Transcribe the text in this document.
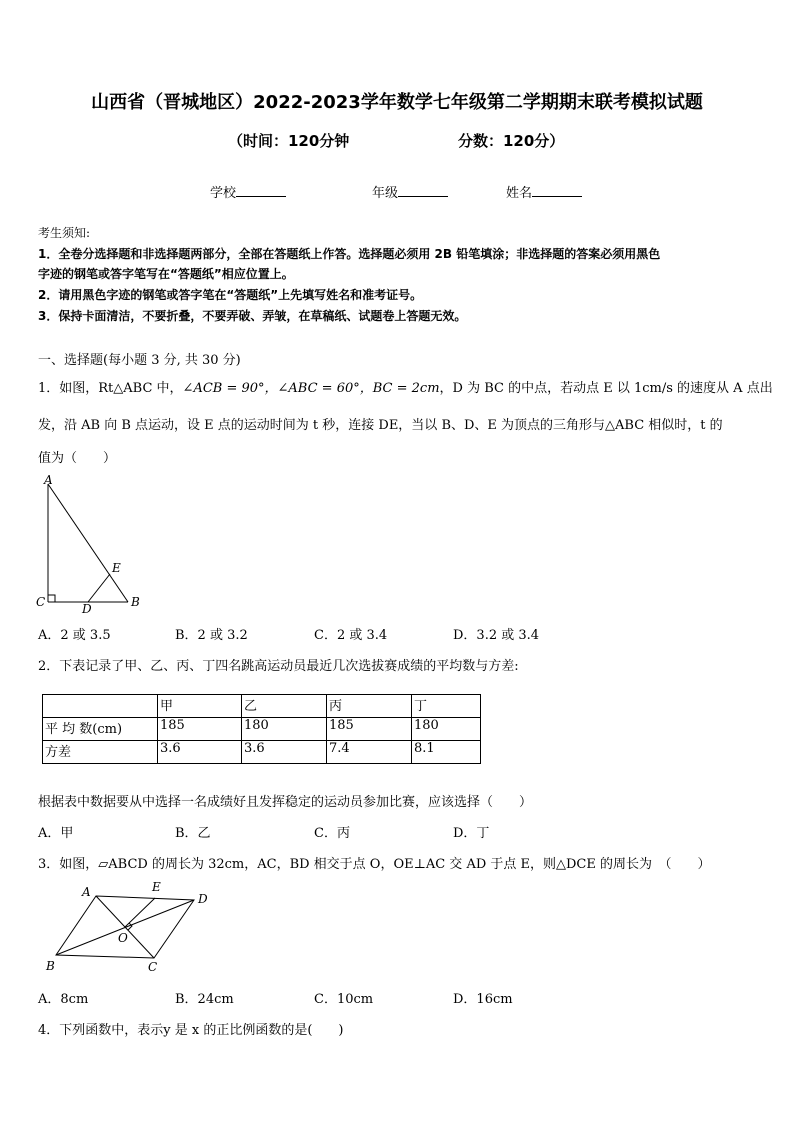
山西省（晋城地区）2022-2023学年数学七年级第二学期期末联考模拟试题
（时间：120分钟	分数：120分）
学校	年级	姓名
考生须知:
1．全卷分选择题和非选择题两部分，全部在答题纸上作答。选择题必须用 2B 铅笔填涂；非选择题的答案必须用黑色
字迹的钢笔或答字笔写在“答题纸”相应位置上。
2．请用黑色字迹的钢笔或答字笔在“答题纸”上先填写姓名和准考证号。
3．保持卡面清洁，不要折叠，不要弄破、弄皱，在草稿纸、试题卷上答题无效。
一、选择题(每小题 3 分, 共 30 分)
1．如图，Rt△ABC 中，∠ACB = 90°，∠ABC = 60°，BC = 2cm，D 为 BC 的中点，若动点 E 以 1cm/s 的速度从 A 点出
发，沿 AB 向 B 点运动，设 E 点的运动时间为 t 秒，连接 DE，当以 B、D、E 为顶点的三角形与△ABC 相似时，t 的
值为（　　）
A
E
C	D	B
A．2 或 3.5	B．2 或 3.2	C．2 或 3.4	D．3.2 或 3.4
2．下表记录了甲、乙、丙、丁四名跳高运动员最近几次选拔赛成绩的平均数与方差:
	甲	乙	丙	丁
平 均 数(cm)	185	180	185	180
方差	3.6	3.6	7.4	8.1
根据表中数据要从中选择一名成绩好且发挥稳定的运动员参加比赛，应该选择（　　）
A．甲	B．乙	C．丙	D．丁
3．如图，▱ABCD 的周长为 32cm，AC，BD 相交于点 O，OE⊥AC 交 AD 于点 E，则△DCE 的周长为　（　　）
A	E
D
O
B	C
A．8cm	B．24cm	C．10cm	D．16cm
4．下列函数中，表示y 是 x 的正比例函数的是(　　)
